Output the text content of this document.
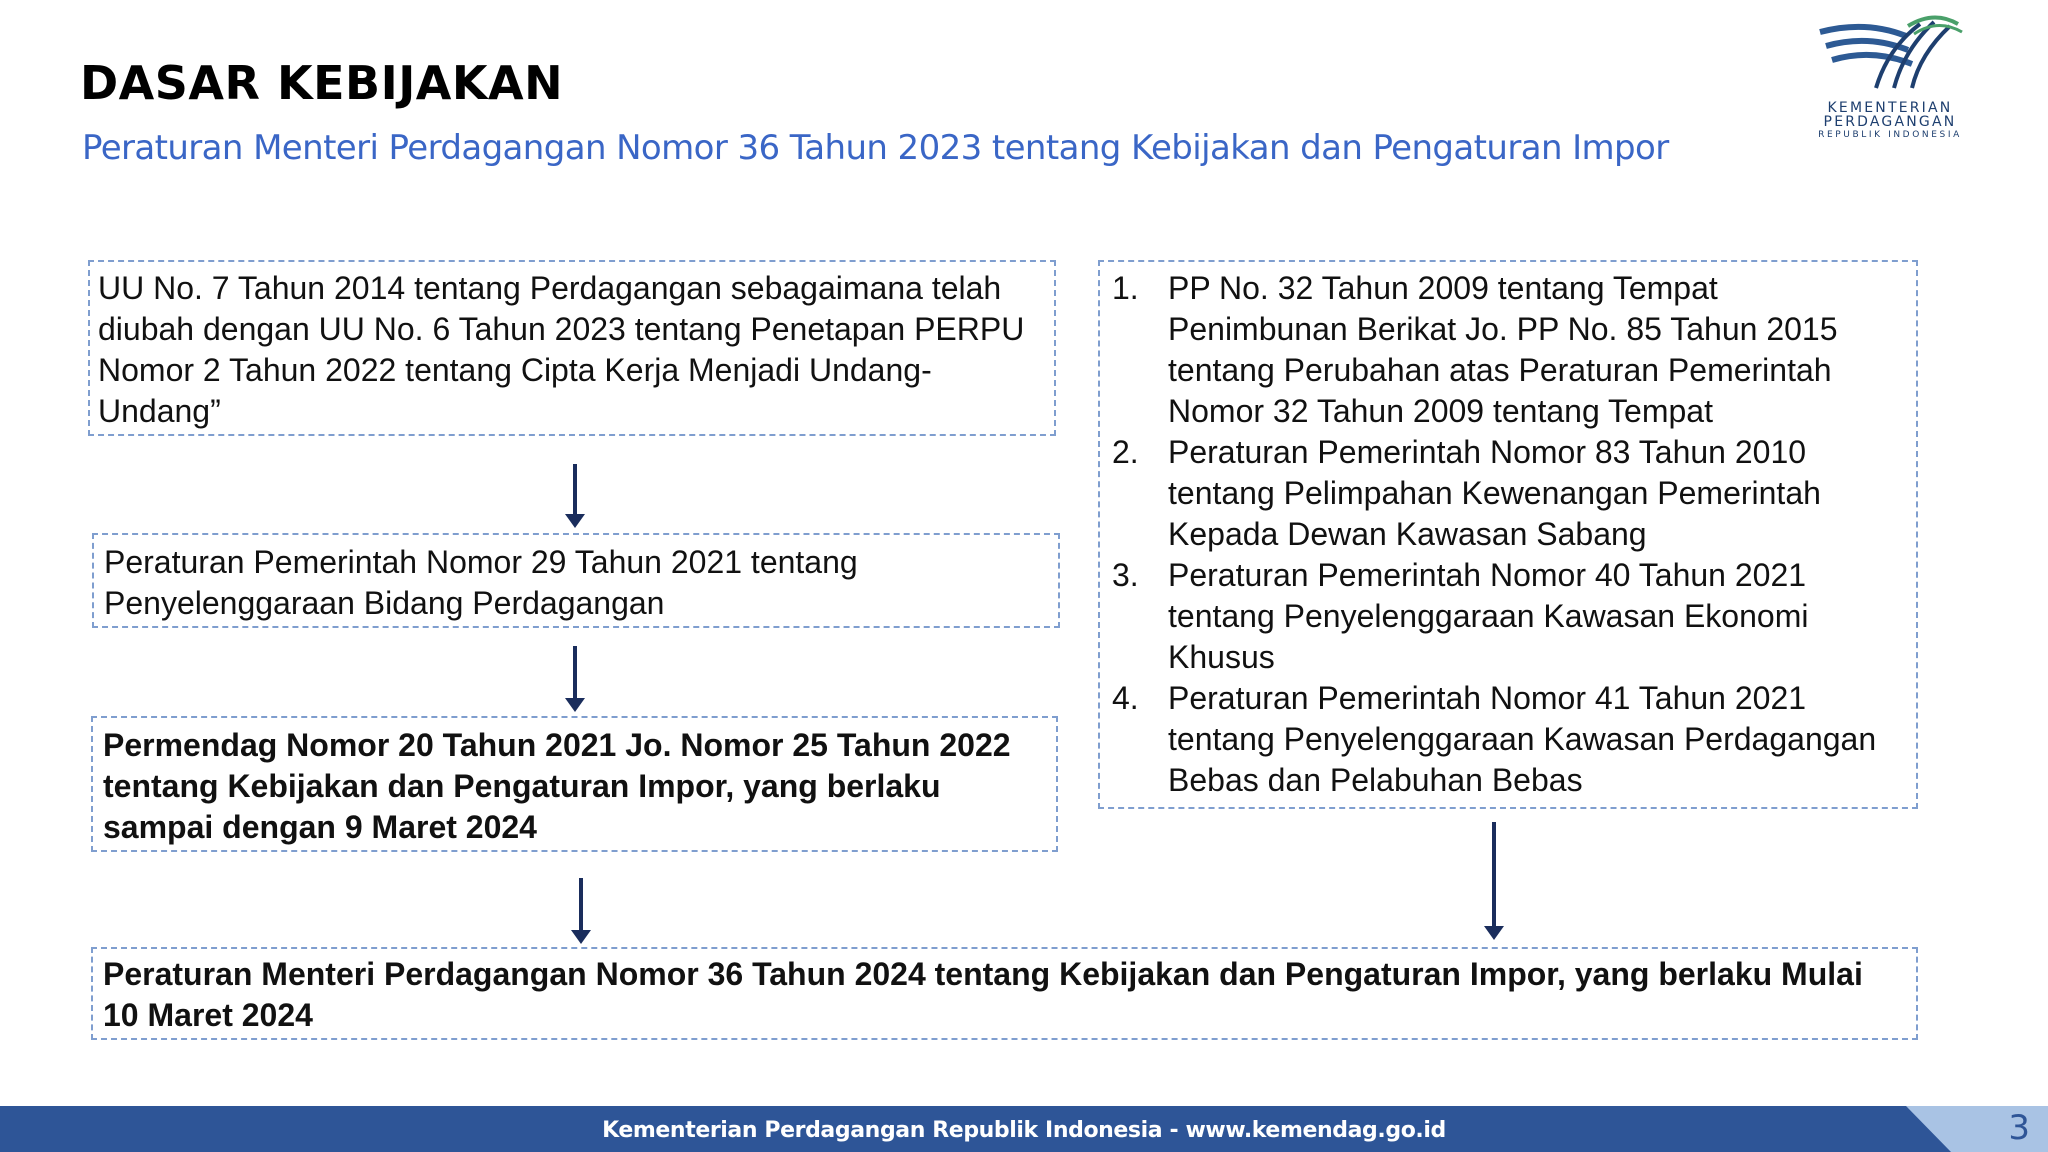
DASAR KEBIJAKAN
Peraturan Menteri Perdagangan Nomor 36 Tahun 2023 tentang Kebijakan dan Pengaturan Impor
KEMENTERIAN
PERDAGANGAN
REPUBLIK INDONESIA
UU No. 7 Tahun 2014 tentang Perdagangan sebagaimana telah diubah dengan UU No. 6 Tahun 2023 tentang Penetapan PERPU Nomor 2 Tahun 2022 tentang Cipta Kerja Menjadi Undang-Undang”
Peraturan Pemerintah Nomor 29 Tahun 2021 tentang Penyelenggaraan Bidang Perdagangan
Permendag Nomor 20 Tahun 2021 Jo. Nomor 25 Tahun 2022 tentang Kebijakan dan Pengaturan Impor, yang berlaku sampai dengan 9 Maret 2024
1. PP No. 32 Tahun 2009 tentang Tempat Penimbunan Berikat Jo. PP No. 85 Tahun 2015 tentang Perubahan atas Peraturan Pemerintah Nomor 32 Tahun 2009 tentang Tempat
2. Peraturan Pemerintah Nomor 83 Tahun 2010 tentang Pelimpahan Kewenangan Pemerintah Kepada Dewan Kawasan Sabang
3. Peraturan Pemerintah Nomor 40 Tahun 2021 tentang Penyelenggaraan Kawasan Ekonomi Khusus
4. Peraturan Pemerintah Nomor 41 Tahun 2021 tentang Penyelenggaraan Kawasan Perdagangan Bebas dan Pelabuhan Bebas
Peraturan Menteri Perdagangan Nomor 36 Tahun 2024 tentang Kebijakan dan Pengaturan Impor, yang berlaku Mulai 10 Maret 2024
Kementerian Perdagangan Republik Indonesia - www.kemendag.go.id	3
